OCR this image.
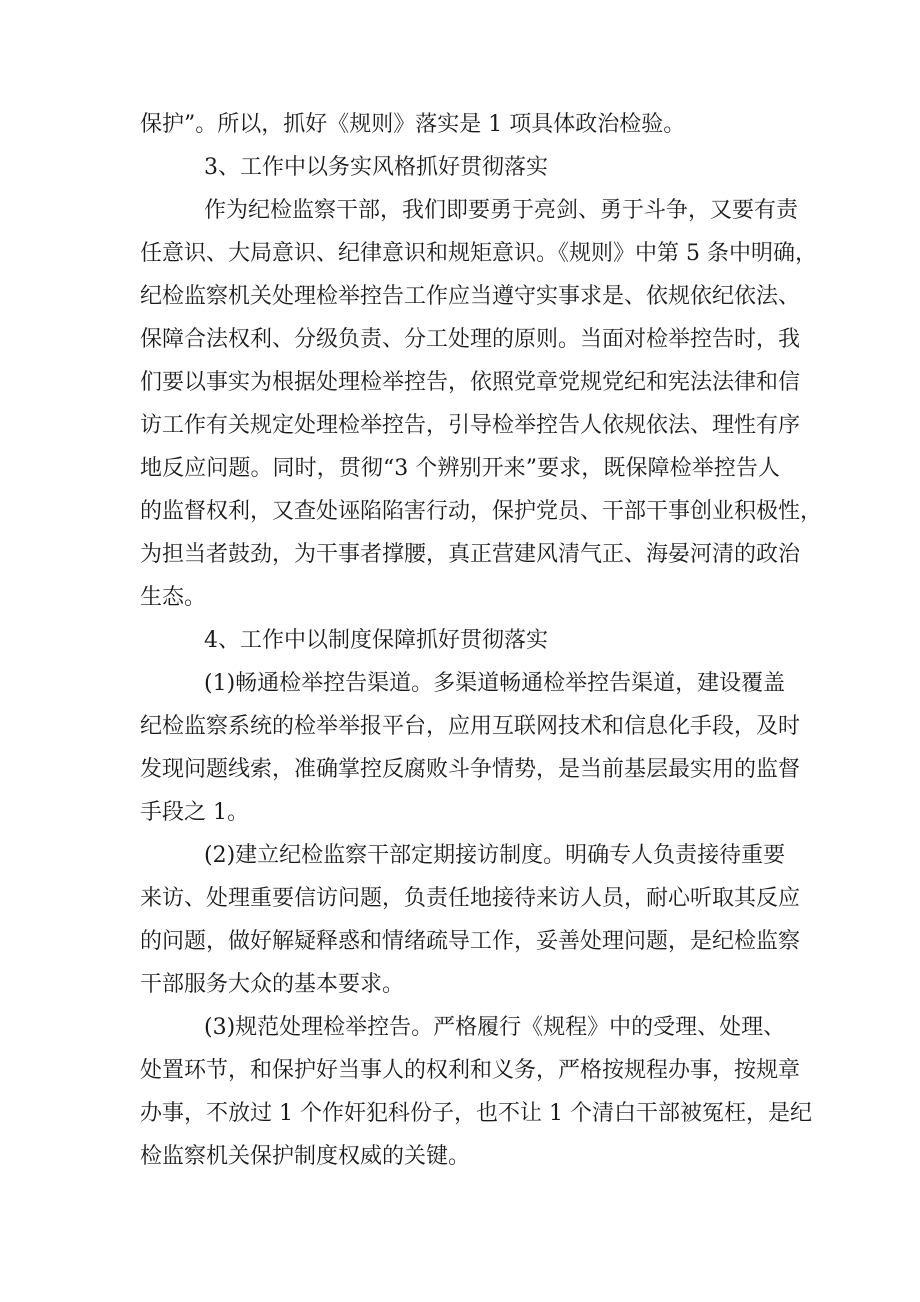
保护”。所以，抓好《规则》落实是 1 项具体政治检验。
3、工作中以务实风格抓好贯彻落实
作为纪检监察干部，我们即要勇于亮剑、勇于斗争，又要有责
任意识、大局意识、纪律意识和规矩意识。《规则》中第 5 条中明确，
纪检监察机关处理检举控告工作应当遵守实事求是、依规依纪依法、
保障合法权利、分级负责、分工处理的原则。当面对检举控告时，我
们要以事实为根据处理检举控告，依照党章党规党纪和宪法法律和信
访工作有关规定处理检举控告，引导检举控告人依规依法、理性有序
地反应问题。同时，贯彻“3 个辨别开来”要求，既保障检举控告人
的监督权利，又查处诬陷陷害行动，保护党员、干部干事创业积极性，
为担当者鼓劲，为干事者撑腰，真正营建风清气正、海晏河清的政治
生态。
4、工作中以制度保障抓好贯彻落实
(1)畅通检举控告渠道。多渠道畅通检举控告渠道，建设覆盖
纪检监察系统的检举举报平台，应用互联网技术和信息化手段，及时
发现问题线索，准确掌控反腐败斗争情势，是当前基层最实用的监督
手段之 1。
(2)建立纪检监察干部定期接访制度。明确专人负责接待重要
来访、处理重要信访问题，负责任地接待来访人员，耐心听取其反应
的问题，做好解疑释惑和情绪疏导工作，妥善处理问题，是纪检监察
干部服务大众的基本要求。
(3)规范处理检举控告。严格履行《规程》中的受理、处理、
处置环节，和保护好当事人的权利和义务，严格按规程办事，按规章
办事，不放过 1 个作奸犯科份子，也不让 1 个清白干部被冤枉，是纪
检监察机关保护制度权威的关键。
